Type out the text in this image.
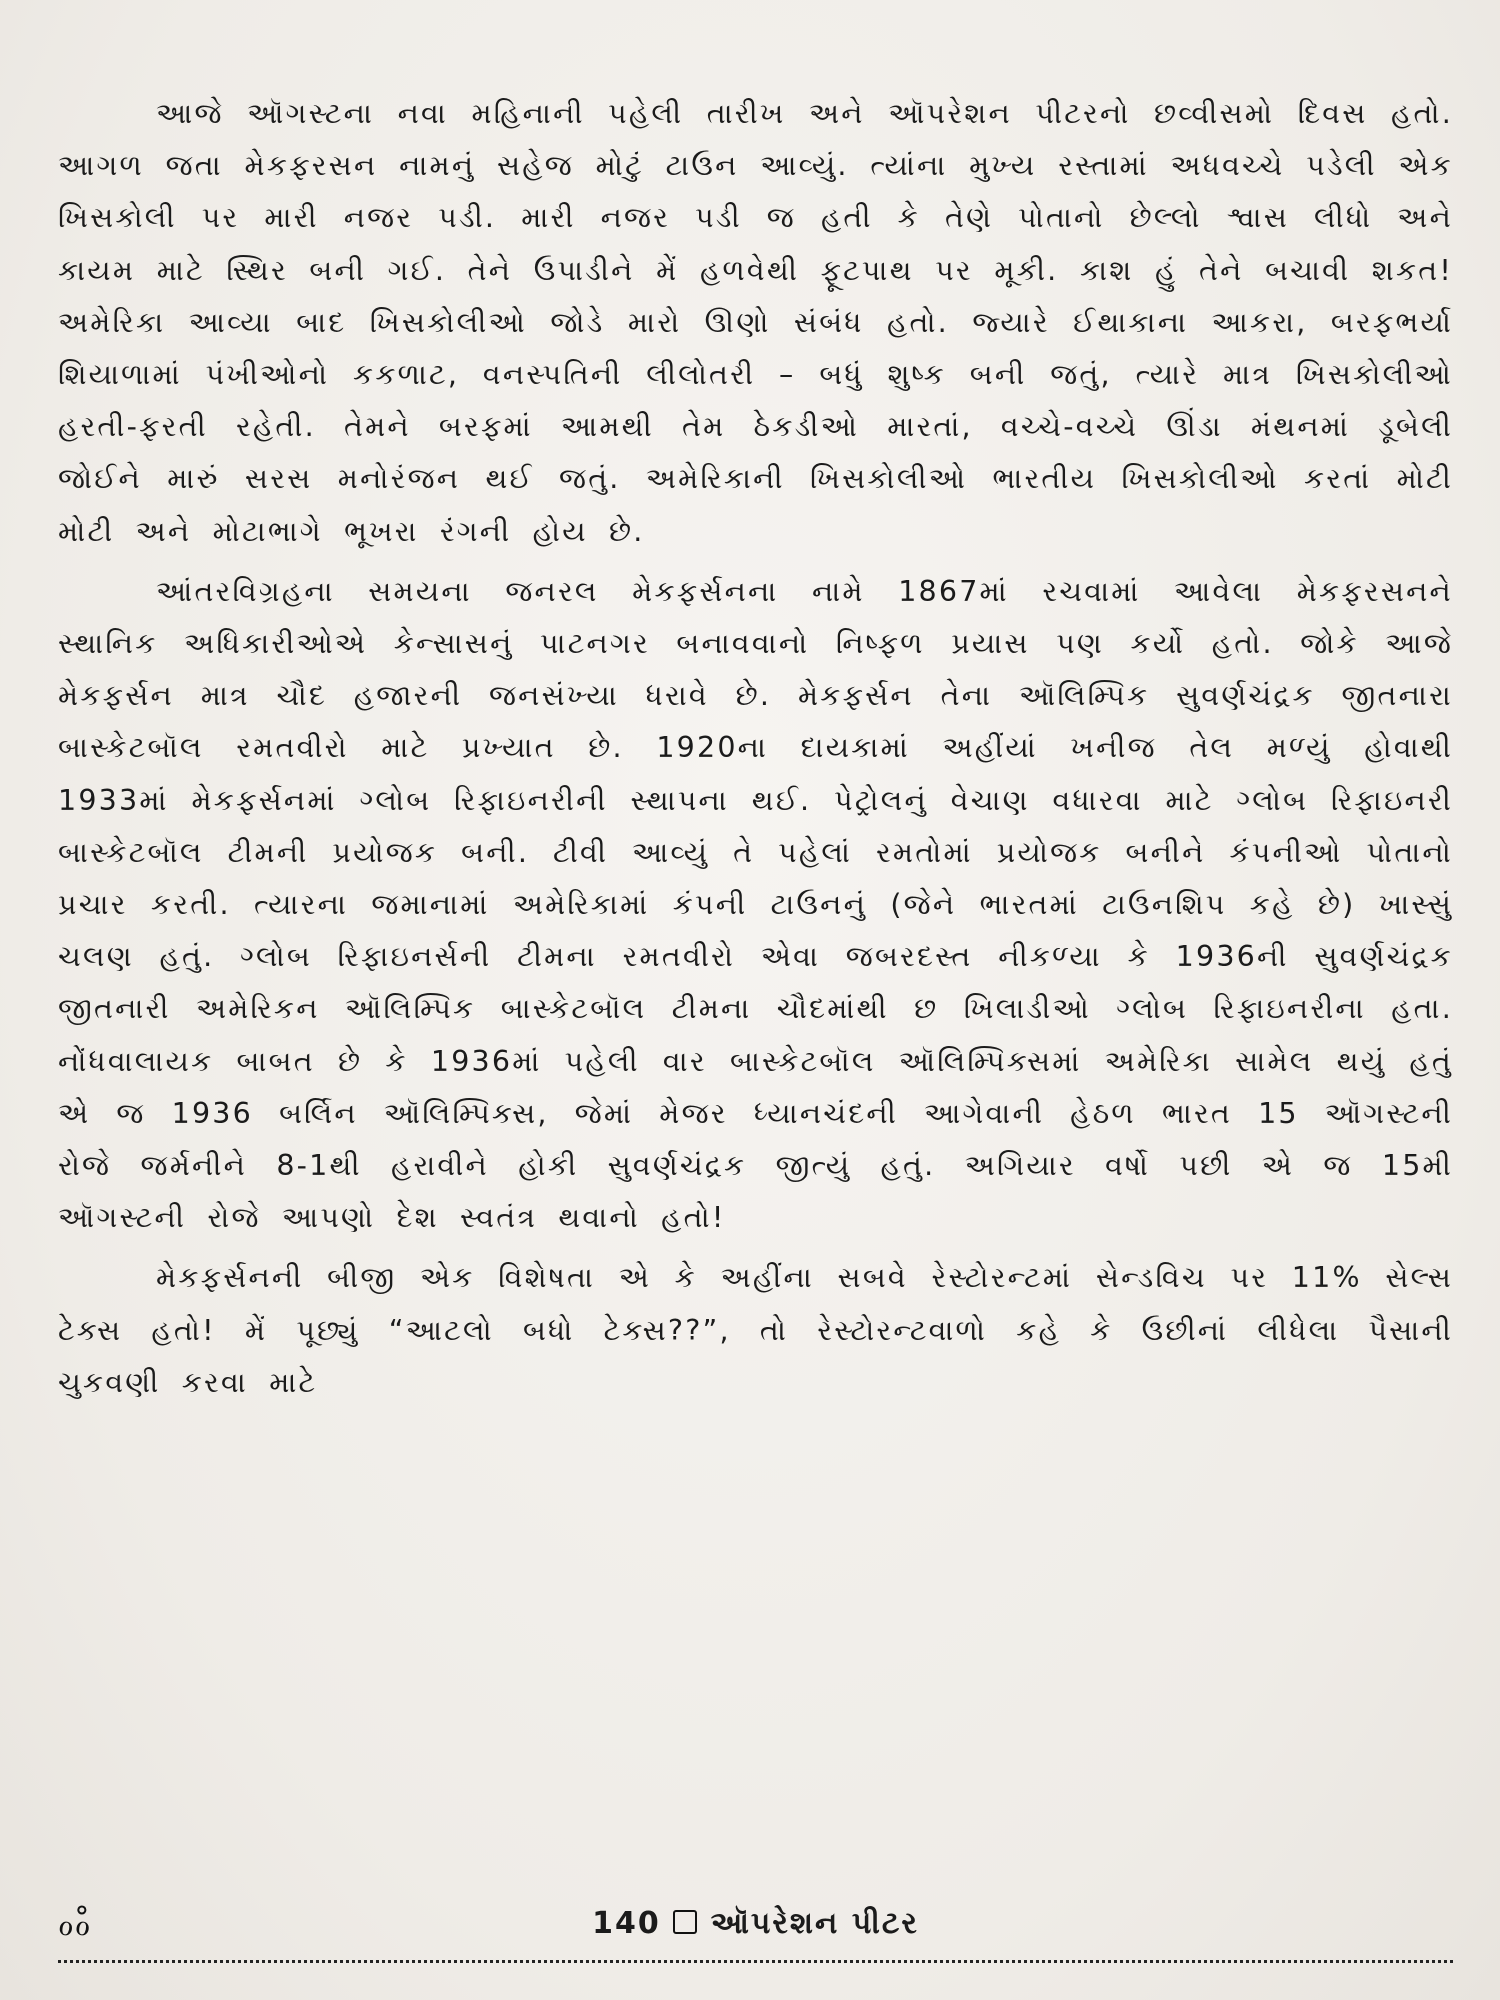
આજે ઑગસ્ટના નવા મહિનાની પહેલી તારીખ અને ઑપરેશન પીટરનો છવ્વીસમો દિવસ હતો. આગળ જતા મેકફરસન નામનું સહેજ મોટું ટાઉન આવ્યું. ત્યાંના મુખ્ય રસ્તામાં અધવચ્ચે પડેલી એક ખિસકોલી પર મારી નજર પડી. મારી નજર પડી જ હતી કે તેણે પોતાનો છેલ્લો શ્વાસ લીધો અને કાયમ માટે સ્થિર બની ગઈ. તેને ઉપાડીને મેં હળવેથી ફૂટપાથ પર મૂકી. કાશ હું તેને બચાવી શકત! અમેરિકા આવ્યા બાદ ખિસકોલીઓ જોડે મારો ઊણો સંબંધ હતો. જ્યારે ઈથાકાના આકરા, બરફભર્યા શિયાળામાં પંખીઓનો કકળાટ, વનસ્પતિની લીલોતરી – બધું શુષ્ક બની જતું, ત્યારે માત્ર ખિસકોલીઓ હરતી-ફરતી રહેતી. તેમને બરફમાં આમથી તેમ ઠેકડીઓ મારતાં, વચ્ચે-વચ્ચે ઊંડા મંથનમાં ડૂબેલી જોઈને મારું સરસ મનોરંજન થઈ જતું. અમેરિકાની ખિસકોલીઓ ભારતીય ખિસકોલીઓ કરતાં મોટી મોટી અને મોટાભાગે ભૂખરા રંગની હોય છે.

આંતરવિગ્રહના સમયના જનરલ મેકફર્સનના નામે 1867માં રચવામાં આવેલા મેકફરસનને સ્થાનિક અધિકારીઓએ કેન્સાસનું પાટનગર બનાવવાનો નિષ્ફળ પ્રયાસ પણ કર્યો હતો. જોકે આજે મેકફર્સન માત્ર ચૌદ હજારની જનસંખ્યા ધરાવે છે. મેકફર્સન તેના ઑલિમ્પિક સુવર્ણચંદ્રક જીતનારા બાસ્કેટબૉલ રમતવીરો માટે પ્રખ્યાત છે. 1920ના દાયકામાં અહીંયાં ખનીજ તેલ મળ્યું હોવાથી 1933માં મેકફર્સનમાં ગ્લોબ રિફાઇનરીની સ્થાપના થઈ. પેટ્રોલનું વેચાણ વધારવા માટે ગ્લોબ રિફાઇનરી બાસ્કેટબૉલ ટીમની પ્રયોજક બની. ટીવી આવ્યું તે પહેલાં રમતોમાં પ્રયોજક બનીને કંપનીઓ પોતાનો પ્રચાર કરતી. ત્યારના જમાનામાં અમેરિકામાં કંપની ટાઉનનું (જેને ભારતમાં ટાઉનશિપ કહે છે) ખાસ્સું ચલણ હતું. ગ્લોબ રિફાઇનર્સની ટીમના રમતવીરો એવા જબરદસ્ત નીકળ્યા કે 1936ની સુવર્ણચંદ્રક જીતનારી અમેરિકન ઑલિમ્પિક બાસ્કેટબૉલ ટીમના ચૌદમાંથી છ ખિલાડીઓ ગ્લોબ રિફાઇનરીના હતા. નોંધવાલાયક બાબત છે કે 1936માં પહેલી વાર બાસ્કેટબૉલ ઑલિમ્પિક્સમાં અમેરિકા સામેલ થયું હતું એ જ 1936 બર્લિન ઑલિમ્પિક્સ, જેમાં મેજર ધ્યાનચંદની આગેવાની હેઠળ ભારત 15 ઑગસ્ટની રોજે જર્મનીને 8-1થી હરાવીને હોકી સુવર્ણચંદ્રક જીત્યું હતું. અગિયાર વર્ષો પછી એ જ 15મી ઑગસ્ટની રોજે આપણો દેશ સ્વતંત્ર થવાનો હતો!

મેકફર્સનની બીજી એક વિશેષતા એ કે અહીંના સબવે રેસ્ટોરન્ટમાં સેન્ડવિચ પર 11% સેલ્સ ટેક્સ હતો! મેં પૂછ્યું “આટલો બધો ટેક્સ??”, તો રેસ્ટોરન્ટવાળો કહે કે ઉછીનાં લીધેલા પૈસાની ચુકવણી કરવા માટે

ℴℴ̊	140 ઑપરેશન પીટર
